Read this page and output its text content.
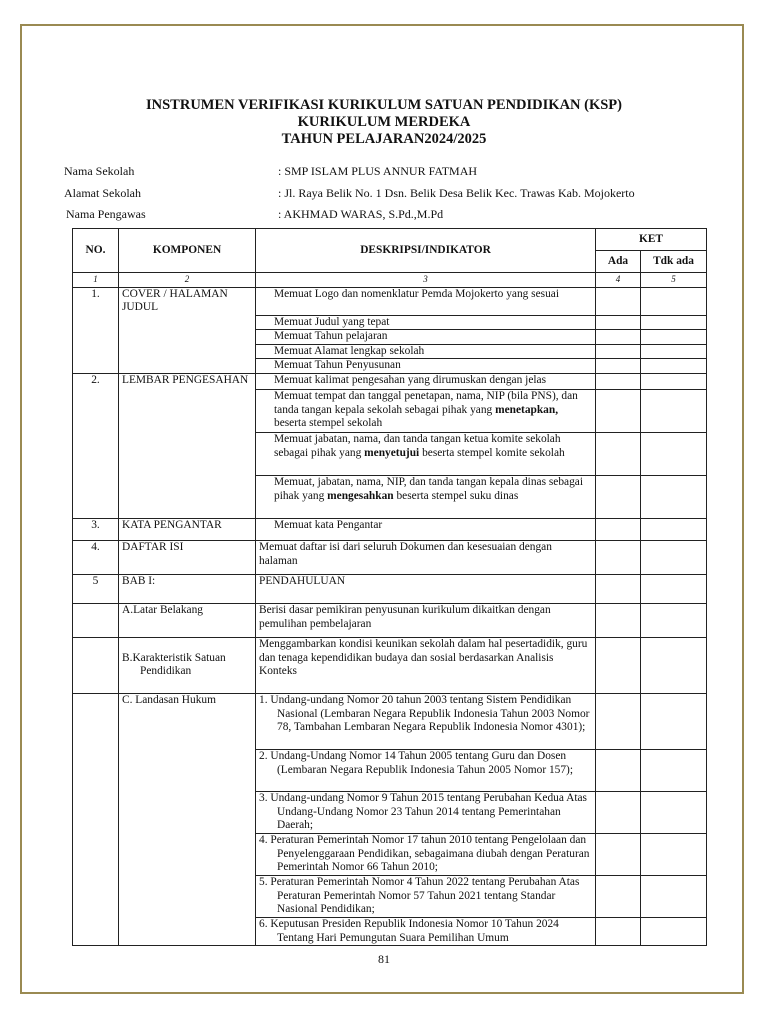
INSTRUMEN VERIFIKASI KURIKULUM SATUAN PENDIDIKAN (KSP)
KURIKULUM MERDEKA
TAHUN PELAJARAN2024/2025
Nama Sekolah	: SMP ISLAM PLUS ANNUR FATMAH
Alamat Sekolah	: Jl. Raya Belik No. 1 Dsn. Belik Desa Belik Kec. Trawas Kab. Mojokerto
Nama Pengawas	: AKHMAD WARAS, S.Pd.,M.Pd
NO.	KOMPONEN	DESKRIPSI/INDIKATOR	KET	
			Ada	Tdk ada
1	2	3	4	5
1.	COVER / HALAMAN JUDUL	Memuat Logo dan nomenklatur Pemda Mojokerto yang sesuai		
		Memuat Judul yang tepat		
		Memuat Tahun pelajaran		
		Memuat Alamat lengkap sekolah		
		Memuat Tahun Penyusunan		
2.	LEMBAR PENGESAHAN	Memuat kalimat pengesahan yang dirumuskan dengan jelas		
		Memuat tempat dan tanggal penetapan, nama, NIP (bila PNS), dan tanda tangan kepala sekolah sebagai pihak yang menetapkan, beserta stempel sekolah		
		Memuat jabatan, nama, dan tanda tangan ketua komite sekolah sebagai pihak yang menyetujui beserta stempel komite sekolah		
		Memuat, jabatan, nama, NIP, dan tanda tangan kepala dinas sebagai pihak yang mengesahkan beserta stempel suku dinas		
3.	KATA PENGANTAR	Memuat kata Pengantar		
4.	DAFTAR ISI	Memuat daftar isi dari seluruh Dokumen dan kesesuaian dengan halaman		
5	BAB I:	PENDAHULUAN		
	A.Latar Belakang	Berisi dasar pemikiran penyusunan kurikulum dikaitkan dengan pemulihan pembelajaran		
	B.Karakteristik Satuan Pendidikan	Menggambarkan kondisi keunikan sekolah dalam hal pesertadidik, guru dan tenaga kependidikan budaya dan sosial berdasarkan Analisis Konteks		
	C. Landasan Hukum	1. Undang-undang Nomor 20 tahun 2003 tentang Sistem Pendidikan Nasional (Lembaran Negara Republik Indonesia Tahun 2003 Nomor 78, Tambahan Lembaran Negara Republik Indonesia Nomor 4301);		
		2. Undang-Undang Nomor 14 Tahun 2005 tentang Guru dan Dosen (Lembaran Negara Republik Indonesia Tahun 2005 Nomor 157);		
		3. Undang-undang Nomor 9 Tahun 2015 tentang Perubahan Kedua Atas Undang-Undang Nomor 23 Tahun 2014 tentang Pemerintahan Daerah;		
		4. Peraturan Pemerintah Nomor 17 tahun 2010 tentang Pengelolaan dan Penyelenggaraan Pendidikan, sebagaimana diubah dengan Peraturan Pemerintah Nomor 66 Tahun 2010;		
		5. Peraturan Pemerintah Nomor 4 Tahun 2022 tentang Perubahan Atas Peraturan Pemerintah Nomor 57 Tahun 2021 tentang Standar Nasional Pendidikan;		
		6. Keputusan Presiden Republik Indonesia Nomor 10 Tahun 2024 Tentang Hari Pemungutan Suara Pemilihan Umum		
81
